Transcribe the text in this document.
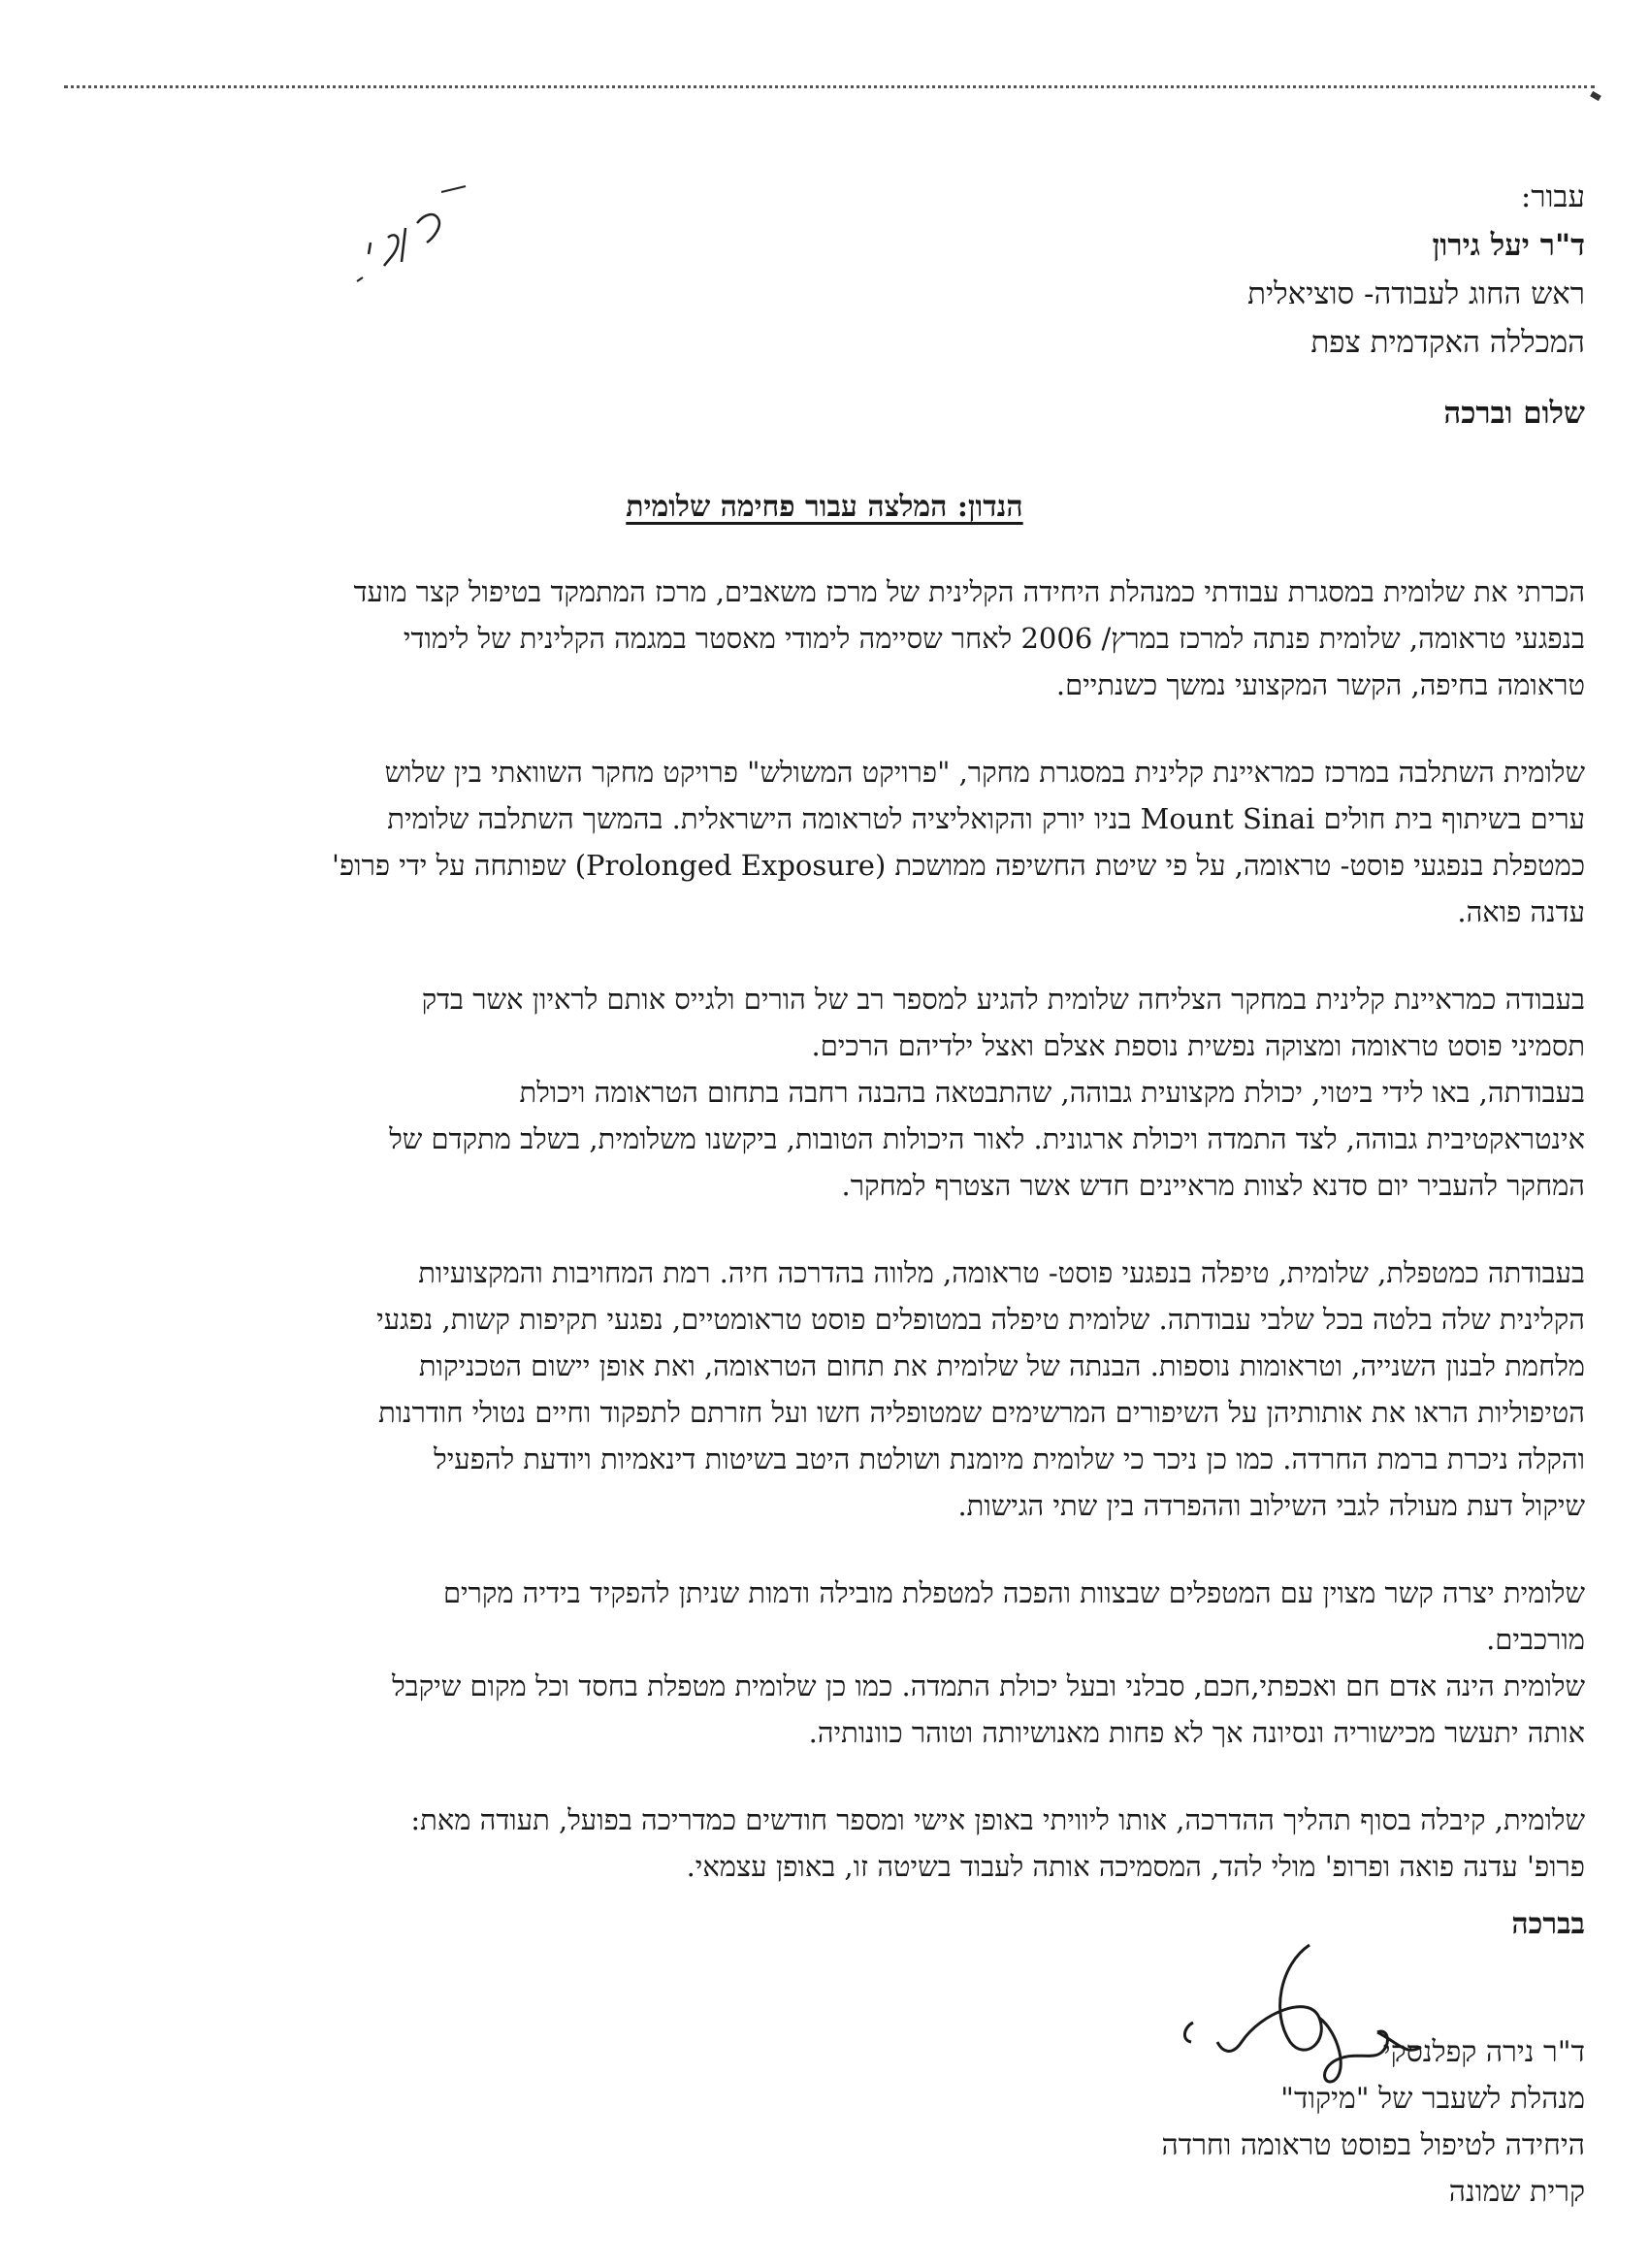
עבור:
ד"ר יעל גירון
ראש החוג לעבודה- סוציאלית
המכללה האקדמית צפת
שלום וברכה
הנדון: המלצה עבור פחימה שלומית

הכרתי את שלומית במסגרת עבודתי כמנהלת היחידה הקלינית של מרכז משאבים, מרכז המתמקד בטיפול קצר מועד
בנפגעי טראומה, שלומית פנתה למרכז במרץ/ 2006 לאחר שסיימה לימודי מאסטר במגמה הקלינית של לימודי
טראומה בחיפה, הקשר המקצועי נמשך כשנתיים.

שלומית השתלבה במרכז כמראיינת קלינית במסגרת מחקר, "פרויקט המשולש" פרויקט מחקר השוואתי בין שלוש
ערים בשיתוף בית חולים Mount Sinai בניו יורק והקואליציה לטראומה הישראלית. בהמשך השתלבה שלומית
כמטפלת בנפגעי פוסט- טראומה, על פי שיטת החשיפה ממושכת (Prolonged Exposure) שפותחה על ידי פרופ'
עדנה פואה.

בעבודה כמראיינת קלינית במחקר הצליחה שלומית להגיע למספר רב של הורים ולגייס אותם לראיון אשר בדק
תסמיני פוסט טראומה ומצוקה נפשית נוספת אצלם ואצל ילדיהם הרכים.
בעבודתה, באו לידי ביטוי, יכולת מקצועית גבוהה, שהתבטאה בהבנה רחבה בתחום הטראומה ויכולת
אינטראקטיבית גבוהה, לצד התמדה ויכולת ארגונית. לאור היכולות הטובות, ביקשנו משלומית, בשלב מתקדם של
המחקר להעביר יום סדנא לצוות מראיינים חדש אשר הצטרף למחקר.

בעבודתה כמטפלת, שלומית, טיפלה בנפגעי פוסט- טראומה, מלווה בהדרכה חיה. רמת המחויבות והמקצועיות
הקלינית שלה בלטה בכל שלבי עבודתה. שלומית טיפלה במטופלים פוסט טראומטיים, נפגעי תקיפות קשות, נפגעי
מלחמת לבנון השנייה, וטראומות נוספות. הבנתה של שלומית את תחום הטראומה, ואת אופן יישום הטכניקות
הטיפוליות הראו את אותותיהן על השיפורים המרשימים שמטופליה חשו ועל חזרתם לתפקוד וחיים נטולי חודרנות
והקלה ניכרת ברמת החרדה. כמו כן ניכר כי שלומית מיומנת ושולטת היטב בשיטות דינאמיות ויודעת להפעיל
שיקול דעת מעולה לגבי השילוב וההפרדה בין שתי הגישות.

שלומית יצרה קשר מצוין עם המטפלים שבצוות והפכה למטפלת מובילה ודמות שניתן להפקיד בידיה מקרים
מורכבים.
שלומית הינה אדם חם ואכפתי,חכם, סבלני ובעל יכולת התמדה. כמו כן שלומית מטפלת בחסד וכל מקום שיקבל
אותה יתעשר מכישוריה ונסיונה אך לא פחות מאנושיותה וטוהר כוונותיה.

שלומית, קיבלה בסוף תהליך ההדרכה, אותו ליוויתי באופן אישי ומספר חודשים כמדריכה בפועל, תעודה מאת:
פרופ' עדנה פואה ופרופ' מולי להד, המסמיכה אותה לעבוד בשיטה זו, באופן עצמאי.

בברכה
ד"ר נירה קפלנסקי
מנהלת לשעבר של "מיקוד"
היחידה לטיפול בפוסט טראומה וחרדה
קרית שמונה
